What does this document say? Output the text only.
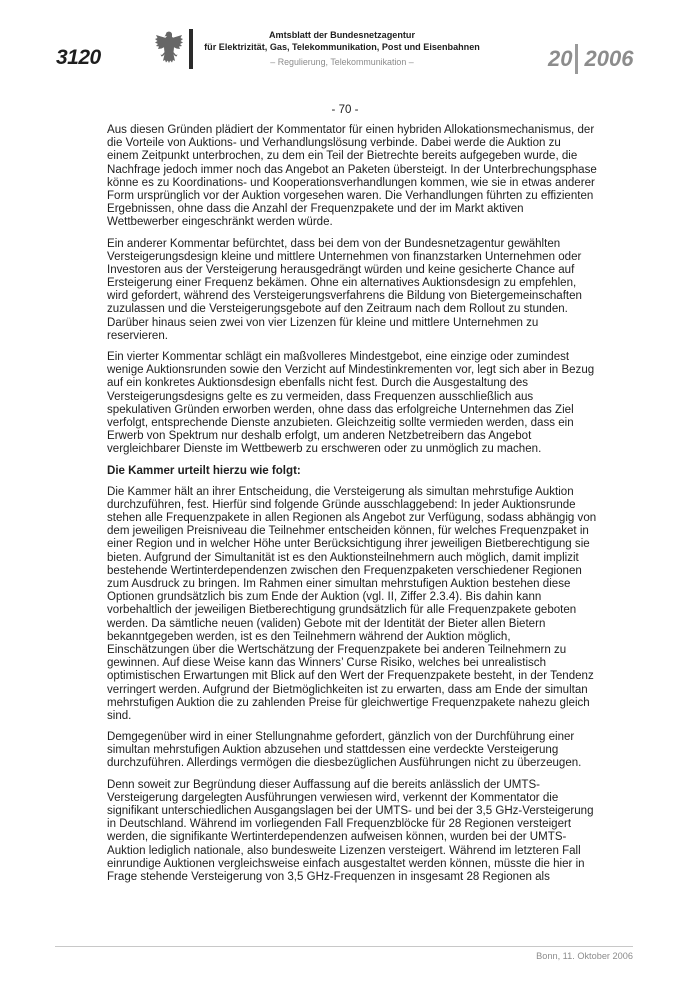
3120
Amtsblatt der Bundesnetzagentur
für Elektrizität, Gas, Telekommunikation, Post und Eisenbahnen
– Regulierung, Telekommunikation –	20 2006
- 70 -
Aus diesen Gründen plädiert der Kommentator für einen hybriden Allokationsmechanismus, der
die Vorteile von Auktions- und Verhandlungslösung verbinde. Dabei werde die Auktion zu
einem Zeitpunkt unterbrochen, zu dem ein Teil der Bietrechte bereits aufgegeben wurde, die
Nachfrage jedoch immer noch das Angebot an Paketen übersteigt. In der Unterbrechungsphase
könne es zu Koordinations- und Kooperationsverhandlungen kommen, wie sie in etwas anderer
Form ursprünglich vor der Auktion vorgesehen waren. Die Verhandlungen führten zu effizienten
Ergebnissen, ohne dass die Anzahl der Frequenzpakete und der im Markt aktiven
Wettbewerber eingeschränkt werden würde.
Ein anderer Kommentar befürchtet, dass bei dem von der Bundesnetzagentur gewählten
Versteigerungsdesign kleine und mittlere Unternehmen von finanzstarken Unternehmen oder
Investoren aus der Versteigerung herausgedrängt würden und keine gesicherte Chance auf
Ersteigerung einer Frequenz bekämen. Ohne ein alternatives Auktionsdesign zu empfehlen,
wird gefordert, während des Versteigerungsverfahrens die Bildung von Bietergemeinschaften
zuzulassen und die Versteigerungsgebote auf den Zeitraum nach dem Rollout zu stunden.
Darüber hinaus seien zwei von vier Lizenzen für kleine und mittlere Unternehmen zu
reservieren.
Ein vierter Kommentar schlägt ein maßvolleres Mindestgebot, eine einzige oder zumindest
wenige Auktionsrunden sowie den Verzicht auf Mindestinkrementen vor, legt sich aber in Bezug
auf ein konkretes Auktionsdesign ebenfalls nicht fest. Durch die Ausgestaltung des
Versteigerungsdesigns gelte es zu vermeiden, dass Frequenzen ausschließlich aus
spekulativen Gründen erworben werden, ohne dass das erfolgreiche Unternehmen das Ziel
verfolgt, entsprechende Dienste anzubieten. Gleichzeitig sollte vermieden werden, dass ein
Erwerb von Spektrum nur deshalb erfolgt, um anderen Netzbetreibern das Angebot
vergleichbarer Dienste im Wettbewerb zu erschweren oder zu unmöglich zu machen.
Die Kammer urteilt hierzu wie folgt:
Die Kammer hält an ihrer Entscheidung, die Versteigerung als simultan mehrstufige Auktion
durchzuführen, fest. Hierfür sind folgende Gründe ausschlaggebend: In jeder Auktionsrunde
stehen alle Frequenzpakete in allen Regionen als Angebot zur Verfügung, sodass abhängig von
dem jeweiligen Preisniveau die Teilnehmer entscheiden können, für welches Frequenzpaket in
einer Region und in welcher Höhe unter Berücksichtigung ihrer jeweiligen Bietberechtigung sie
bieten. Aufgrund der Simultanität ist es den Auktionsteilnehmern auch möglich, damit implizit
bestehende Wertinterdependenzen zwischen den Frequenzpaketen verschiedener Regionen
zum Ausdruck zu bringen. Im Rahmen einer simultan mehrstufigen Auktion bestehen diese
Optionen grundsätzlich bis zum Ende der Auktion (vgl. II, Ziffer 2.3.4). Bis dahin kann
vorbehaltlich der jeweiligen Bietberechtigung grundsätzlich für alle Frequenzpakete geboten
werden. Da sämtliche neuen (validen) Gebote mit der Identität der Bieter allen Bietern
bekanntgegeben werden, ist es den Teilnehmern während der Auktion möglich,
Einschätzungen über die Wertschätzung der Frequenzpakete bei anderen Teilnehmern zu
gewinnen. Auf diese Weise kann das Winners’ Curse Risiko, welches bei unrealistisch
optimistischen Erwartungen mit Blick auf den Wert der Frequenzpakete besteht, in der Tendenz
verringert werden. Aufgrund der Bietmöglichkeiten ist zu erwarten, dass am Ende der simultan
mehrstufigen Auktion die zu zahlenden Preise für gleichwertige Frequenzpakete nahezu gleich
sind.
Demgegenüber wird in einer Stellungnahme gefordert, gänzlich von der Durchführung einer
simultan mehrstufigen Auktion abzusehen und stattdessen eine verdeckte Versteigerung
durchzuführen. Allerdings vermögen die diesbezüglichen Ausführungen nicht zu überzeugen.
Denn soweit zur Begründung dieser Auffassung auf die bereits anlässlich der UMTS-
Versteigerung dargelegten Ausführungen verwiesen wird, verkennt der Kommentator die
signifikant unterschiedlichen Ausgangslagen bei der UMTS- und bei der 3,5 GHz-Versteigerung
in Deutschland. Während im vorliegenden Fall Frequenzblöcke für 28 Regionen versteigert
werden, die signifikante Wertinterdependenzen aufweisen können, wurden bei der UMTS-
Auktion lediglich nationale, also bundesweite Lizenzen versteigert. Während im letzteren Fall
einrundige Auktionen vergleichsweise einfach ausgestaltet werden können, müsste die hier in
Frage stehende Versteigerung von 3,5 GHz-Frequenzen in insgesamt 28 Regionen als
Bonn, 11. Oktober 2006
